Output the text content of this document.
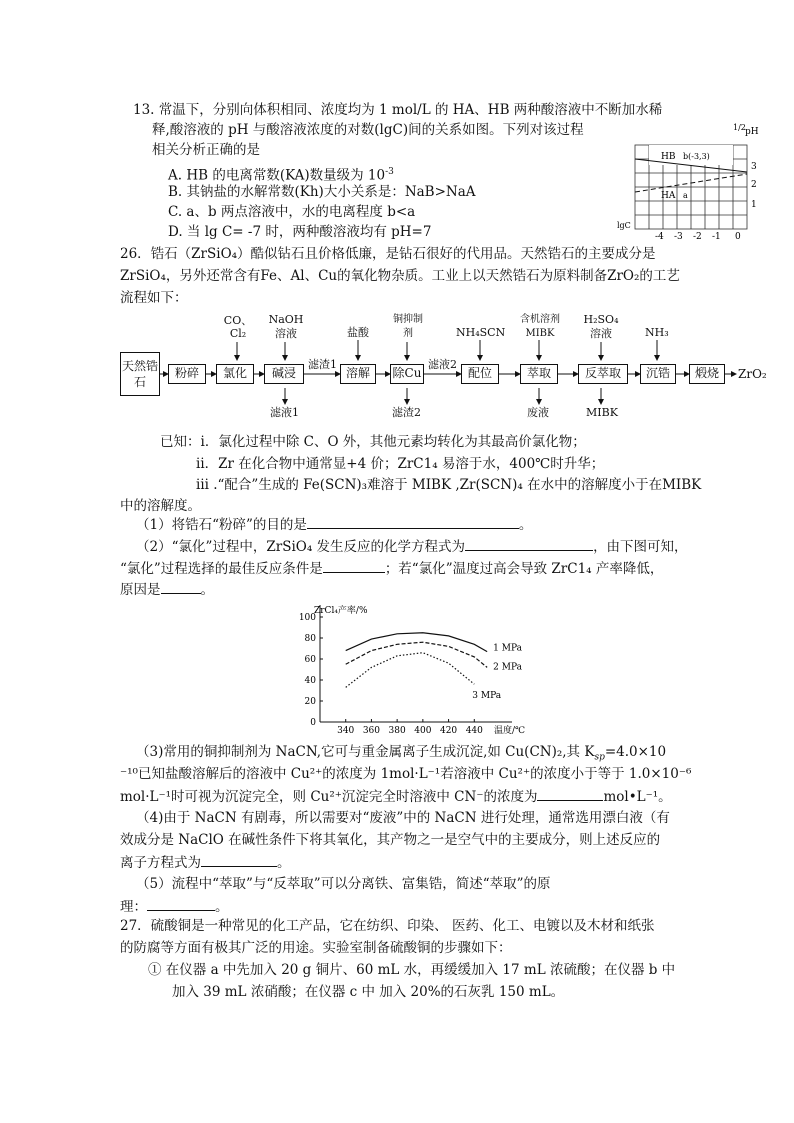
13. 常温下，分别向体积相同、浓度均为 1 mol/L 的 HA、HB 两种酸溶液中不断加水稀
释,酸溶液的 pH 与酸溶液浓度的对数(lgC)间的关系如图。下列对该过程
相关分析正确的是
A. HB 的电离常数(KA)数量级为 $10^{-3}$
B. 其钠盐的水解常数(Kh)大小关系是：NaB>NaA
C. a、b 两点溶液中，水的电离程度 b<a
D. 当 lg C= -7 时，两种酸溶液均有 pH=7
HB b(-3,3)
HA a
1/2 pH
3
2
1
lgC
-4 -3 -2 -1 0
26．锆石（ZrSiO₄）酷似钻石且价格低廉，是钻石很好的代用品。天然锆石的主要成分是
ZrSiO₄，另外还常含有Fe、Al、Cu的氧化物杂质。工业上以天然锆石为原料制备ZrO₂的工艺
流程如下：
天然锆石
粉碎	氯化	碱浸	溶解	除Cu	配位	萃取	反萃取	沉锆	煅烧	ZrO₂
CO、Cl₂
NaOH溶液	盐酸
铜抑制剂	NH₄SCN
含机溶剂MIBK
H₂SO₄溶液	NH₃
滤渣1	滤液2
滤液1	滤渣2	废液	MIBK
已知：i．氯化过程中除 C、O 外，其他元素均转化为其最高价氯化物；
ⅱ．Zr 在化合物中通常显+4 价；ZrC1₄ 易溶于水，400℃时升华；
ⅲ .“配合”生成的 Fe(SCN)₃难溶于 MIBK ,Zr(SCN)₄ 在水中的溶解度小于在MIBK
中的溶解度。
（1）将锆石“粉碎”的目的是	。
（2）“氯化”过程中，ZrSiO₄ 发生反应的化学方程式为	，由下图可知，
“氯化”过程选择的最佳反应条件是	；若“氯化”温度过高会导致 ZrC1₄ 产率降低，
原因是	。
0
20
40
60
80
100
340 360 380 400 420 440
ZrCl₄产率/%
温度/℃
1 MPa
2 MPa
3 MPa
（3)常用的铜抑制剂为 NaCN,它可与重金属离子生成沉淀,如 Cu(CN)₂,其 $K_{sp}=4.0\times 10$
⁻¹⁰已知盐酸溶解后的溶液中 Cu²⁺的浓度为 1mol·L⁻¹若溶液中 Cu²⁺的浓度小于等于 1.0×10⁻⁶
mol·L⁻¹时可视为沉淀完全，则 Cu²⁺沉淀完全时溶液中 CN⁻的浓度为	mol•L⁻¹。
（4)由于 NaCN 有剧毒，所以需要对“废液”中的 NaCN 进行处理，通常选用漂白液（有
效成分是 NaClO 在碱性条件下将其氧化，其产物之一是空气中的主要成分，则上述反应的
离子方程式为	。
（5）流程中“萃取”与“反萃取”可以分离铁、富集锆，简述“萃取”的原
理：	。
27．硫酸铜是一种常见的化工产品，它在纺织、印染、 医药、化工、电镀以及木材和纸张
的防腐等方面有极其广泛的用途。实验室制备硫酸铜的步骤如下：
① 在仪器 a 中先加入 20 g 铜片、60 mL 水，再缓缓加入 17 mL 浓硫酸；在仪器 b 中
加入 39 mL 浓硝酸；在仪器 c 中 加入 20%的石灰乳 150 mL。
